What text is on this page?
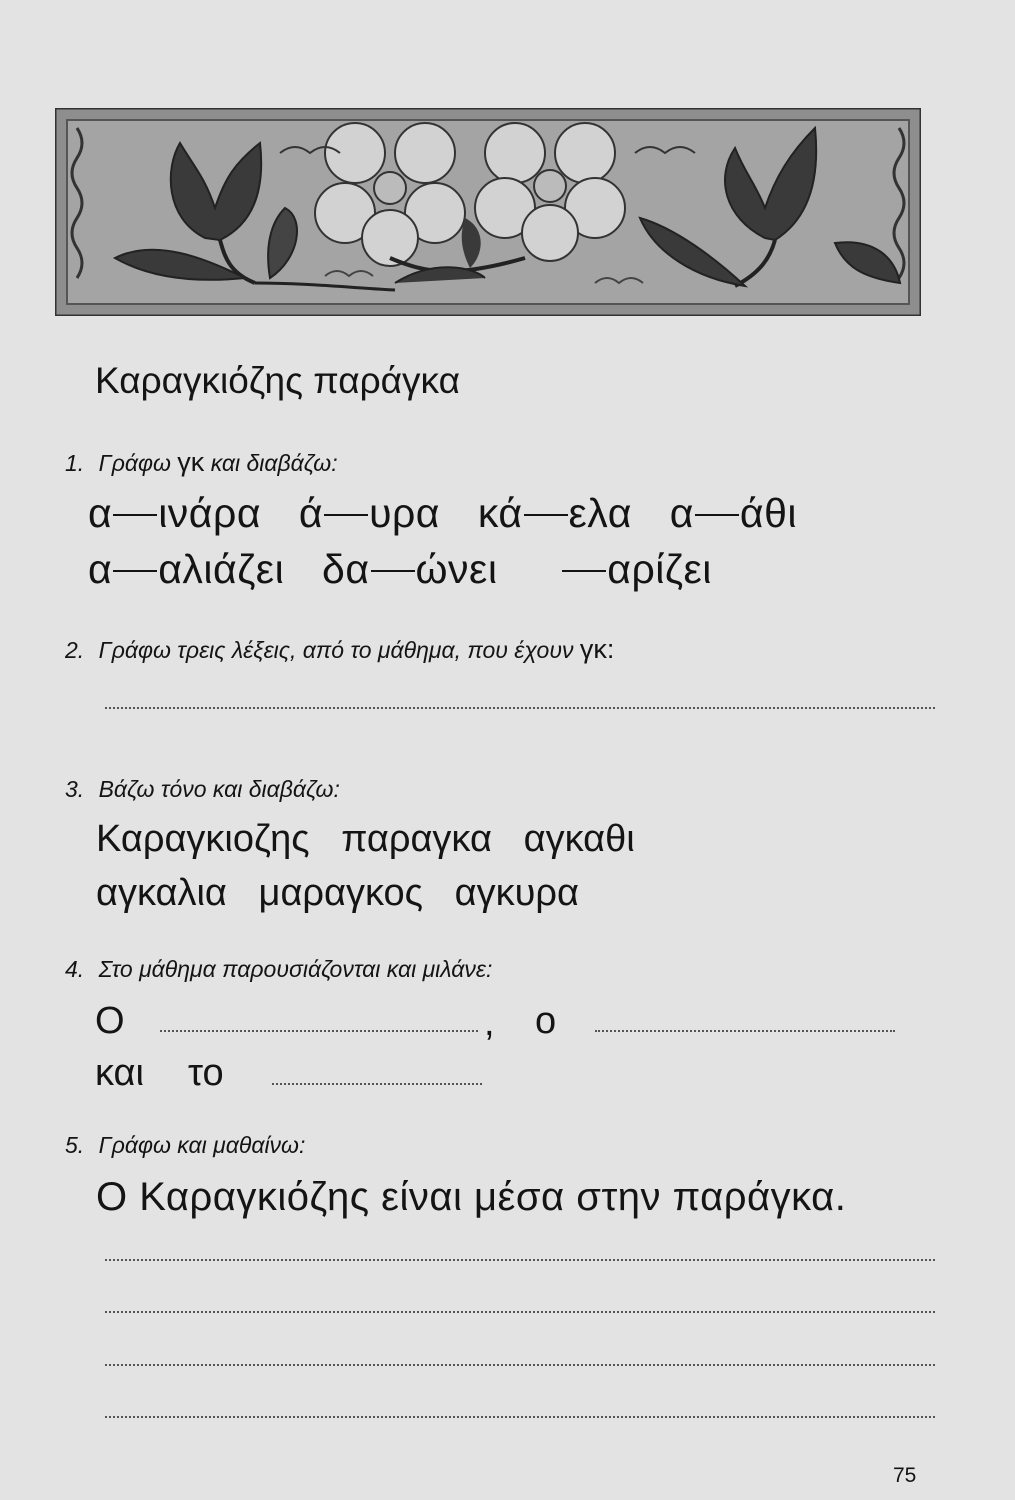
Καραγκιόζης παράγκα
1. Γράφω γκ και διαβάζω:
α ινάρα ά υρα κά ελα α άθι
α αλιάζει δα ώνει	αρίζει
2. Γράφω τρεις λέξεις, από το μάθημα, που έχουν γκ:
3. Βάζω τόνο και διαβάζω:
Καραγκιοζης   παραγκα   αγκαθι
αγκαλια   μαραγκος   αγκυρα
4. Στο μάθημα παρουσιάζονται και μιλάνε:
Ο	, ο
και το
5. Γράφω και μαθαίνω:
Ο Καραγκιόζης είναι μέσα στην παράγκα.
75
